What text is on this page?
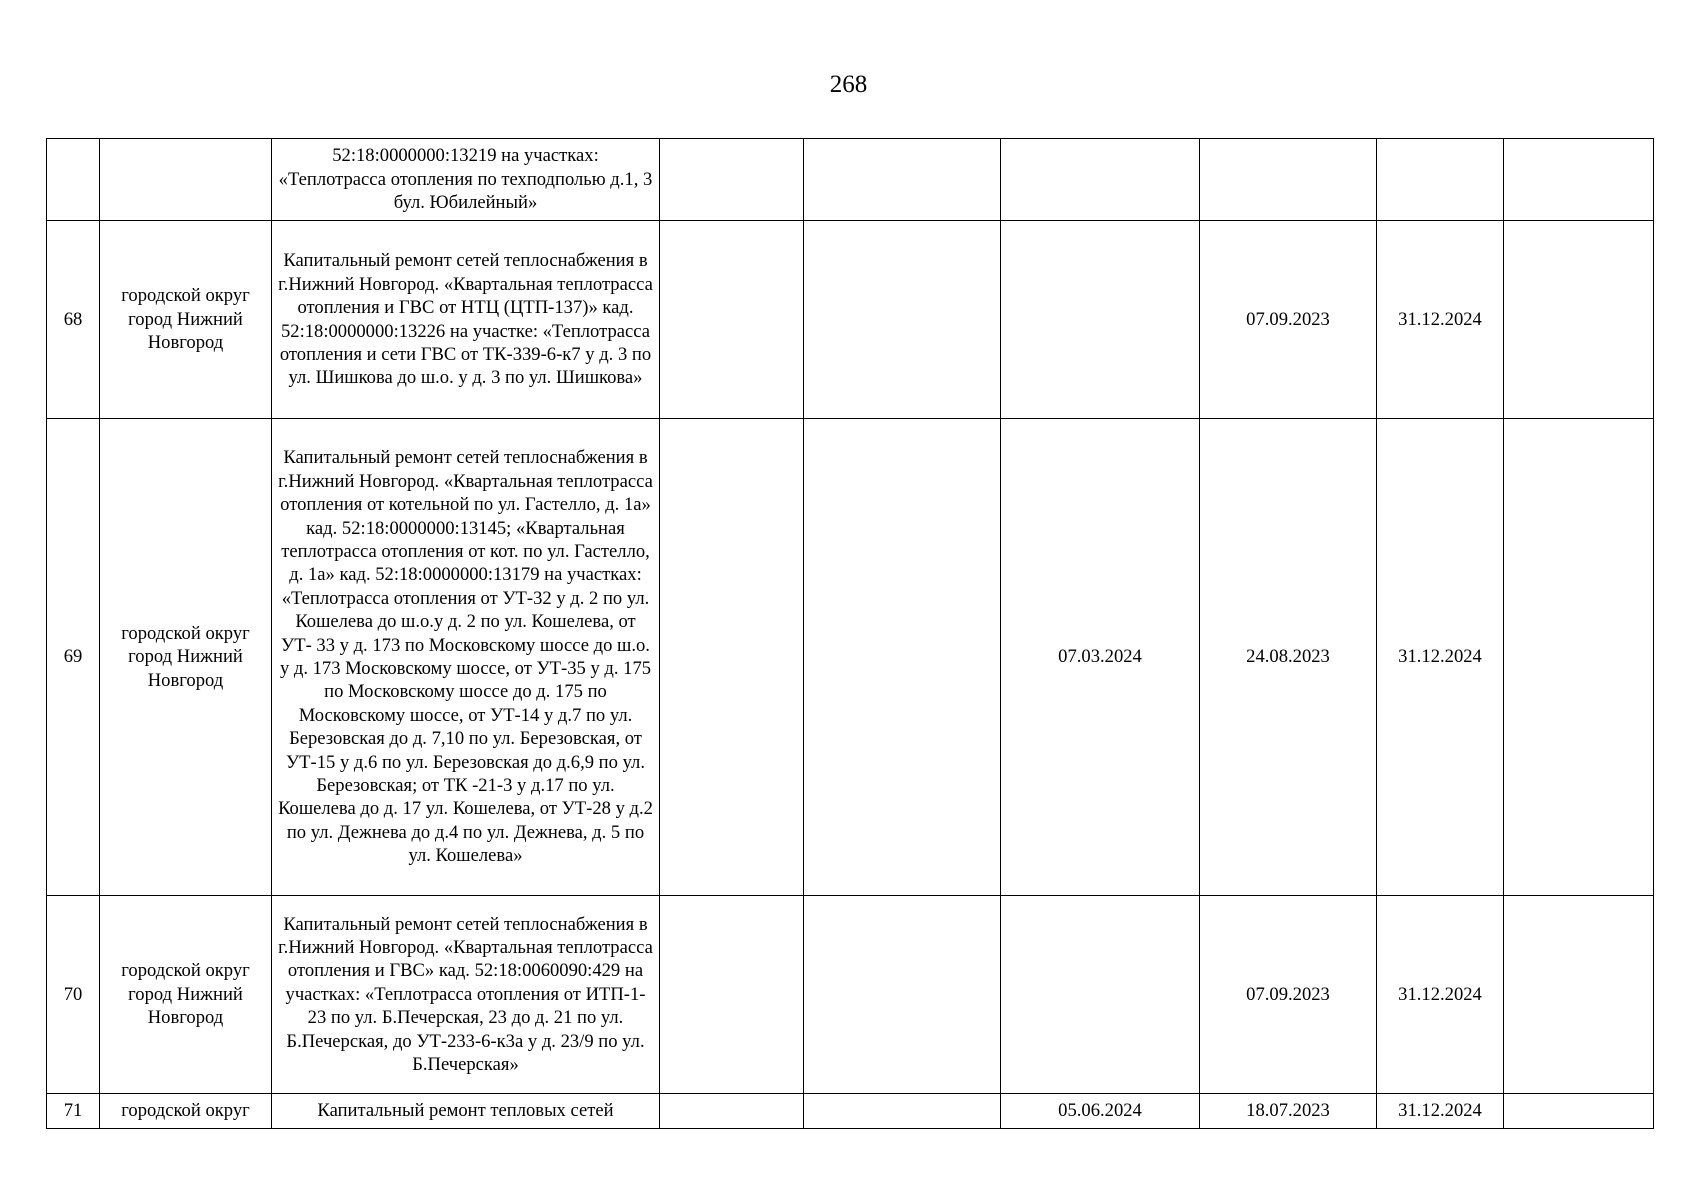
268
		52:18:0000000:13219 на участках: «Теплотрасса отопления по техподполью д.1, 3 бул. Юбилейный»						
68	городской округ город Нижний Новгород	Капитальный ремонт сетей теплоснабжения в г.Нижний Новгород. «Квартальная теплотрасса отопления и ГВС от НТЦ (ЦТП-137)» кад. 52:18:0000000:13226 на участке: «Теплотрасса отопления и сети ГВС от ТК-339-6-к7 у д. 3 по ул. Шишкова до ш.о. у д. 3 по ул. Шишкова»				07.09.2023	31.12.2024	
69	городской округ город Нижний Новгород	Капитальный ремонт сетей теплоснабжения в г.Нижний Новгород. «Квартальная теплотрасса отопления от котельной по ул. Гастелло, д. 1а» кад. 52:18:0000000:13145; «Квартальная теплотрасса отопления от кот. по ул. Гастелло, д. 1а» кад. 52:18:0000000:13179 на участках: «Теплотрасса отопления от УТ-32 у д. 2 по ул. Кошелева до ш.о.у д. 2 по ул. Кошелева, от УТ- 33 у д. 173 по Московскому шоссе до ш.о. у д. 173 Московскому шоссе, от УТ-35 у д. 175 по Московскому шоссе до д. 175 по Московскому шоссе, от УТ-14 у д.7 по ул. Березовская до д. 7,10 по ул. Березовская, от УТ-15 у д.6 по ул. Березовская до д.6,9 по ул. Березовская; от ТК -21-3 у д.17 по ул. Кошелева до д. 17 ул. Кошелева, от УТ-28 у д.2 по ул. Дежнева до д.4 по ул. Дежнева, д. 5 по ул. Кошелева»			07.03.2024	24.08.2023	31.12.2024	
70	городской округ город Нижний Новгород	Капитальный ремонт сетей теплоснабжения в г.Нижний Новгород. «Квартальная теплотрасса отопления и ГВС» кад. 52:18:0060090:429 на участках: «Теплотрасса отопления от ИТП-1-23 по ул. Б.Печерская, 23 до д. 21 по ул. Б.Печерская, до УТ-233-6-к3а у д. 23/9 по ул. Б.Печерская»				07.09.2023	31.12.2024	
71	городской округ	Капитальный ремонт тепловых сетей			05.06.2024	18.07.2023	31.12.2024	
